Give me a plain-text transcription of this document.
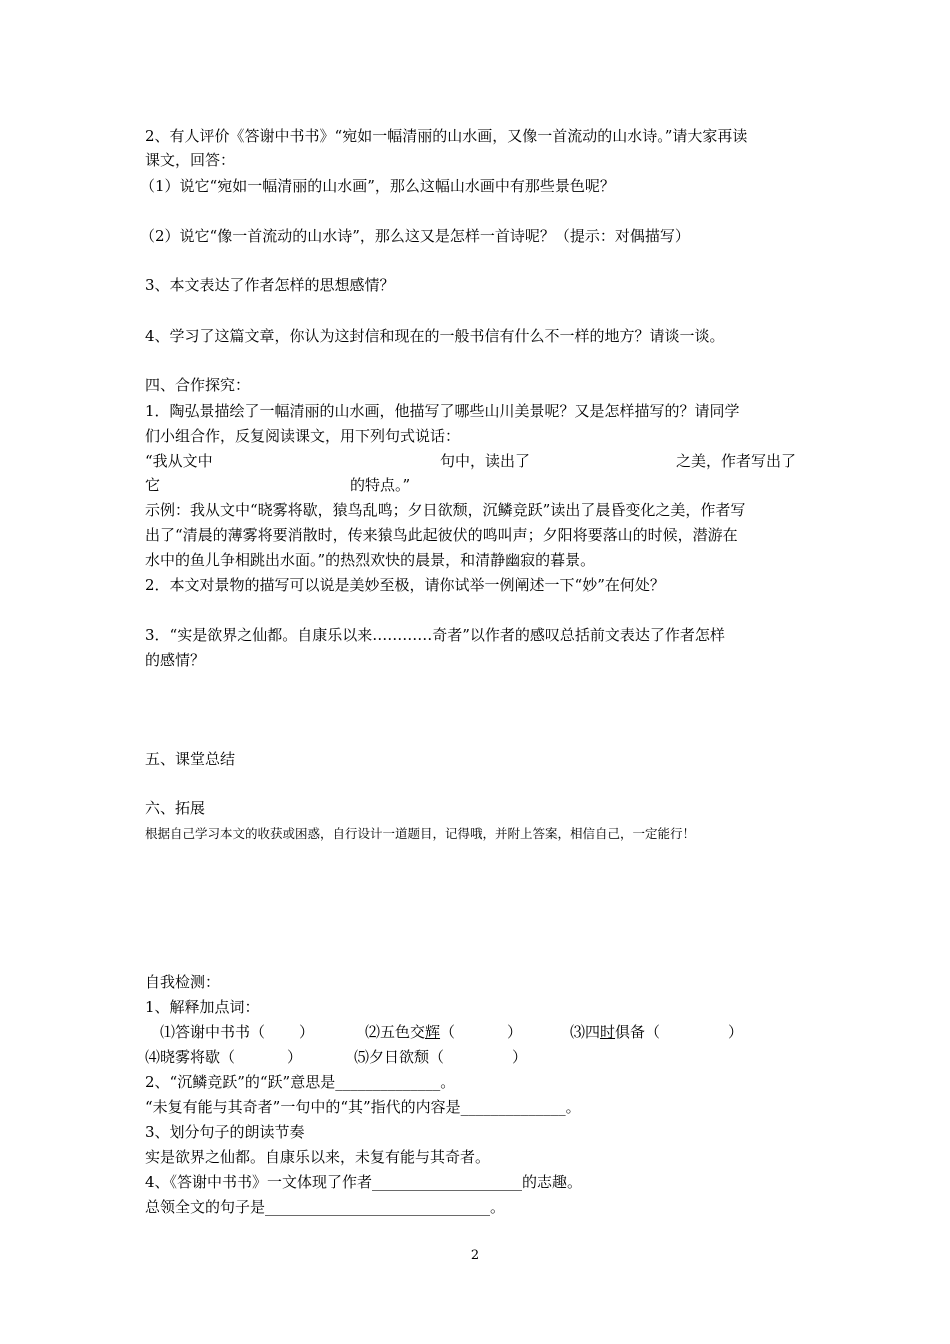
2、有人评价《答谢中书书》“宛如一幅清丽的山水画，又像一首流动的山水诗。”请大家再读
课文，回答：
（1）说它“宛如一幅清丽的山水画”，那么这幅山水画中有那些景色呢？
（2）说它“像一首流动的山水诗”，那么这又是怎样一首诗呢？（提示：对偶描写）
3、本文表达了作者怎样的思想感情？
4、学习了这篇文章，你认为这封信和现在的一般书信有什么不一样的地方？请谈一谈。
四、合作探究：
1．陶弘景描绘了一幅清丽的山水画，他描写了哪些山川美景呢？又是怎样描写的？请同学
们小组合作，反复阅读课文，用下列句式说话：
“我从文中	句中，读出了	之美，作者写出了
它	的特点。”
示例：我从文中“晓雾将歇，猿鸟乱鸣；夕日欲颓，沉鳞竞跃”读出了晨昏变化之美，作者写
出了“清晨的薄雾将要消散时，传来猿鸟此起彼伏的鸣叫声；夕阳将要落山的时候，潜游在
水中的鱼儿争相跳出水面。”的热烈欢快的晨景，和清静幽寂的暮景。
2．本文对景物的描写可以说是美妙至极，请你试举一例阐述一下“妙”在何处？
3．“实是欲界之仙都。自康乐以来…………奇者”以作者的感叹总括前文表达了作者怎样
的感情？
五、课堂总结
六、拓展
根据自己学习本文的收获或困惑，自行设计一道题目，记得哦，并附上答案，相信自己，一定能行！
自我检测：
1、解释加点词：
⑴答谢中书书（ ）	⑵五色交辉（	）	⑶四时俱备（	）
⑷晓雾将歇（	）	⑸夕日欲颓（	）
2、“沉鳞竞跃”的“跃”意思是______________。
“未复有能与其奇者”一句中的“其”指代的内容是______________。
3、划分句子的朗读节奏
实是欲界之仙都。自康乐以来，未复有能与其奇者。
4、《答谢中书书》一文体现了作者____________________的志趣。
总领全文的句子是______________________________。
2
